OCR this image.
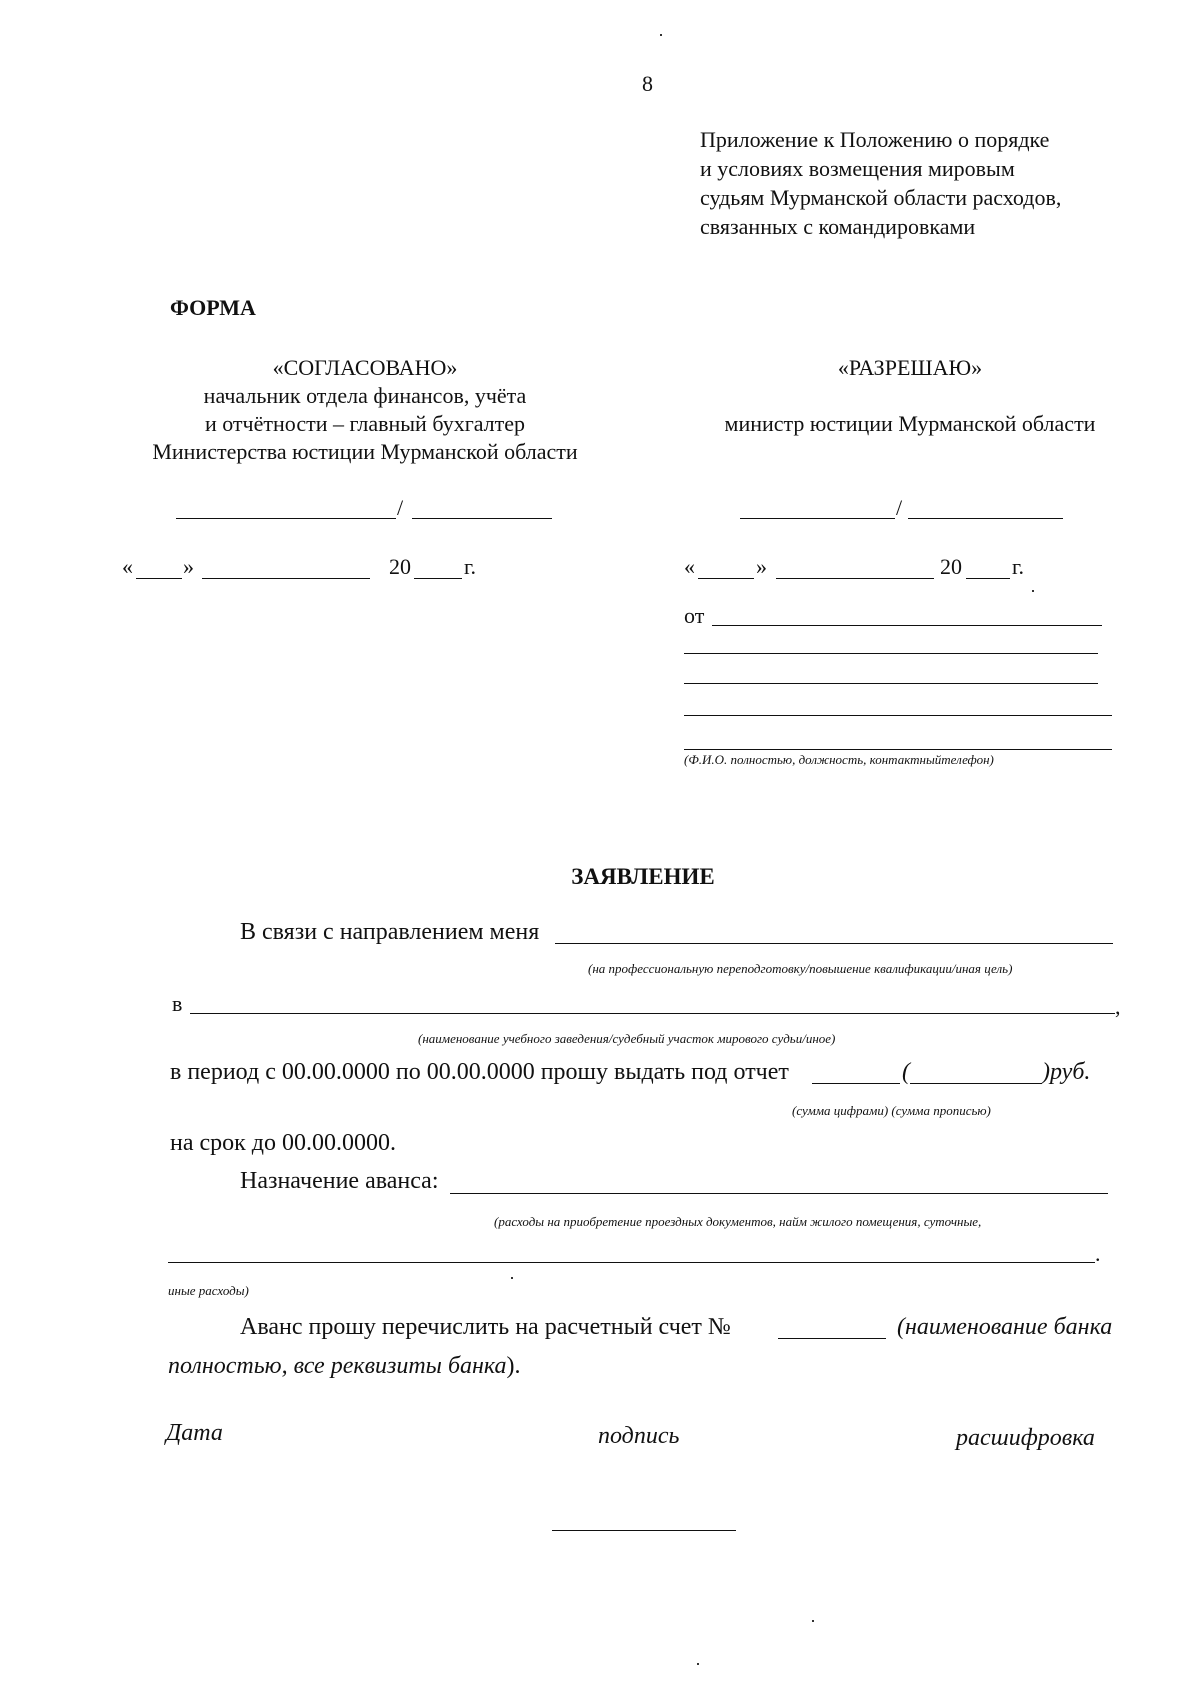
8
Приложение к Положению о порядке
и условиях возмещения мировым
судьям Мурманской области расходов,
связанных с командировками
ФОРМА
«СОГЛАСОВАНО»
начальник отдела финансов, учёта
и отчётности – главный бухгалтер
Министерства юстиции Мурманской области
/
« »	20 г.
«РАЗРЕШАЮ»
министр юстиции Мурманской области
/
«	»	20 г.
от
(Ф.И.О. полностью, должность, контактныйтелефон)
ЗАЯВЛЕНИЕ
В связи с направлением меня
(на профессиональную переподготовку/повышение квалификации/иная цель)
в	,
(наименование учебного заведения/судебный участок мирового судьи/иное)
в период с 00.00.0000 по 00.00.0000 прошу выдать под отчет	(	)руб.
(сумма цифрами) (сумма прописью)
на срок до 00.00.0000.
Назначение аванса:
(расходы на приобретение проездных документов, найм жилого помещения, суточные,
.
иные расходы)
Аванс прошу перечислить на расчетный счет №	(наименование банка
полностью, все реквизиты банка).
Дата	подпись	расшифровка
